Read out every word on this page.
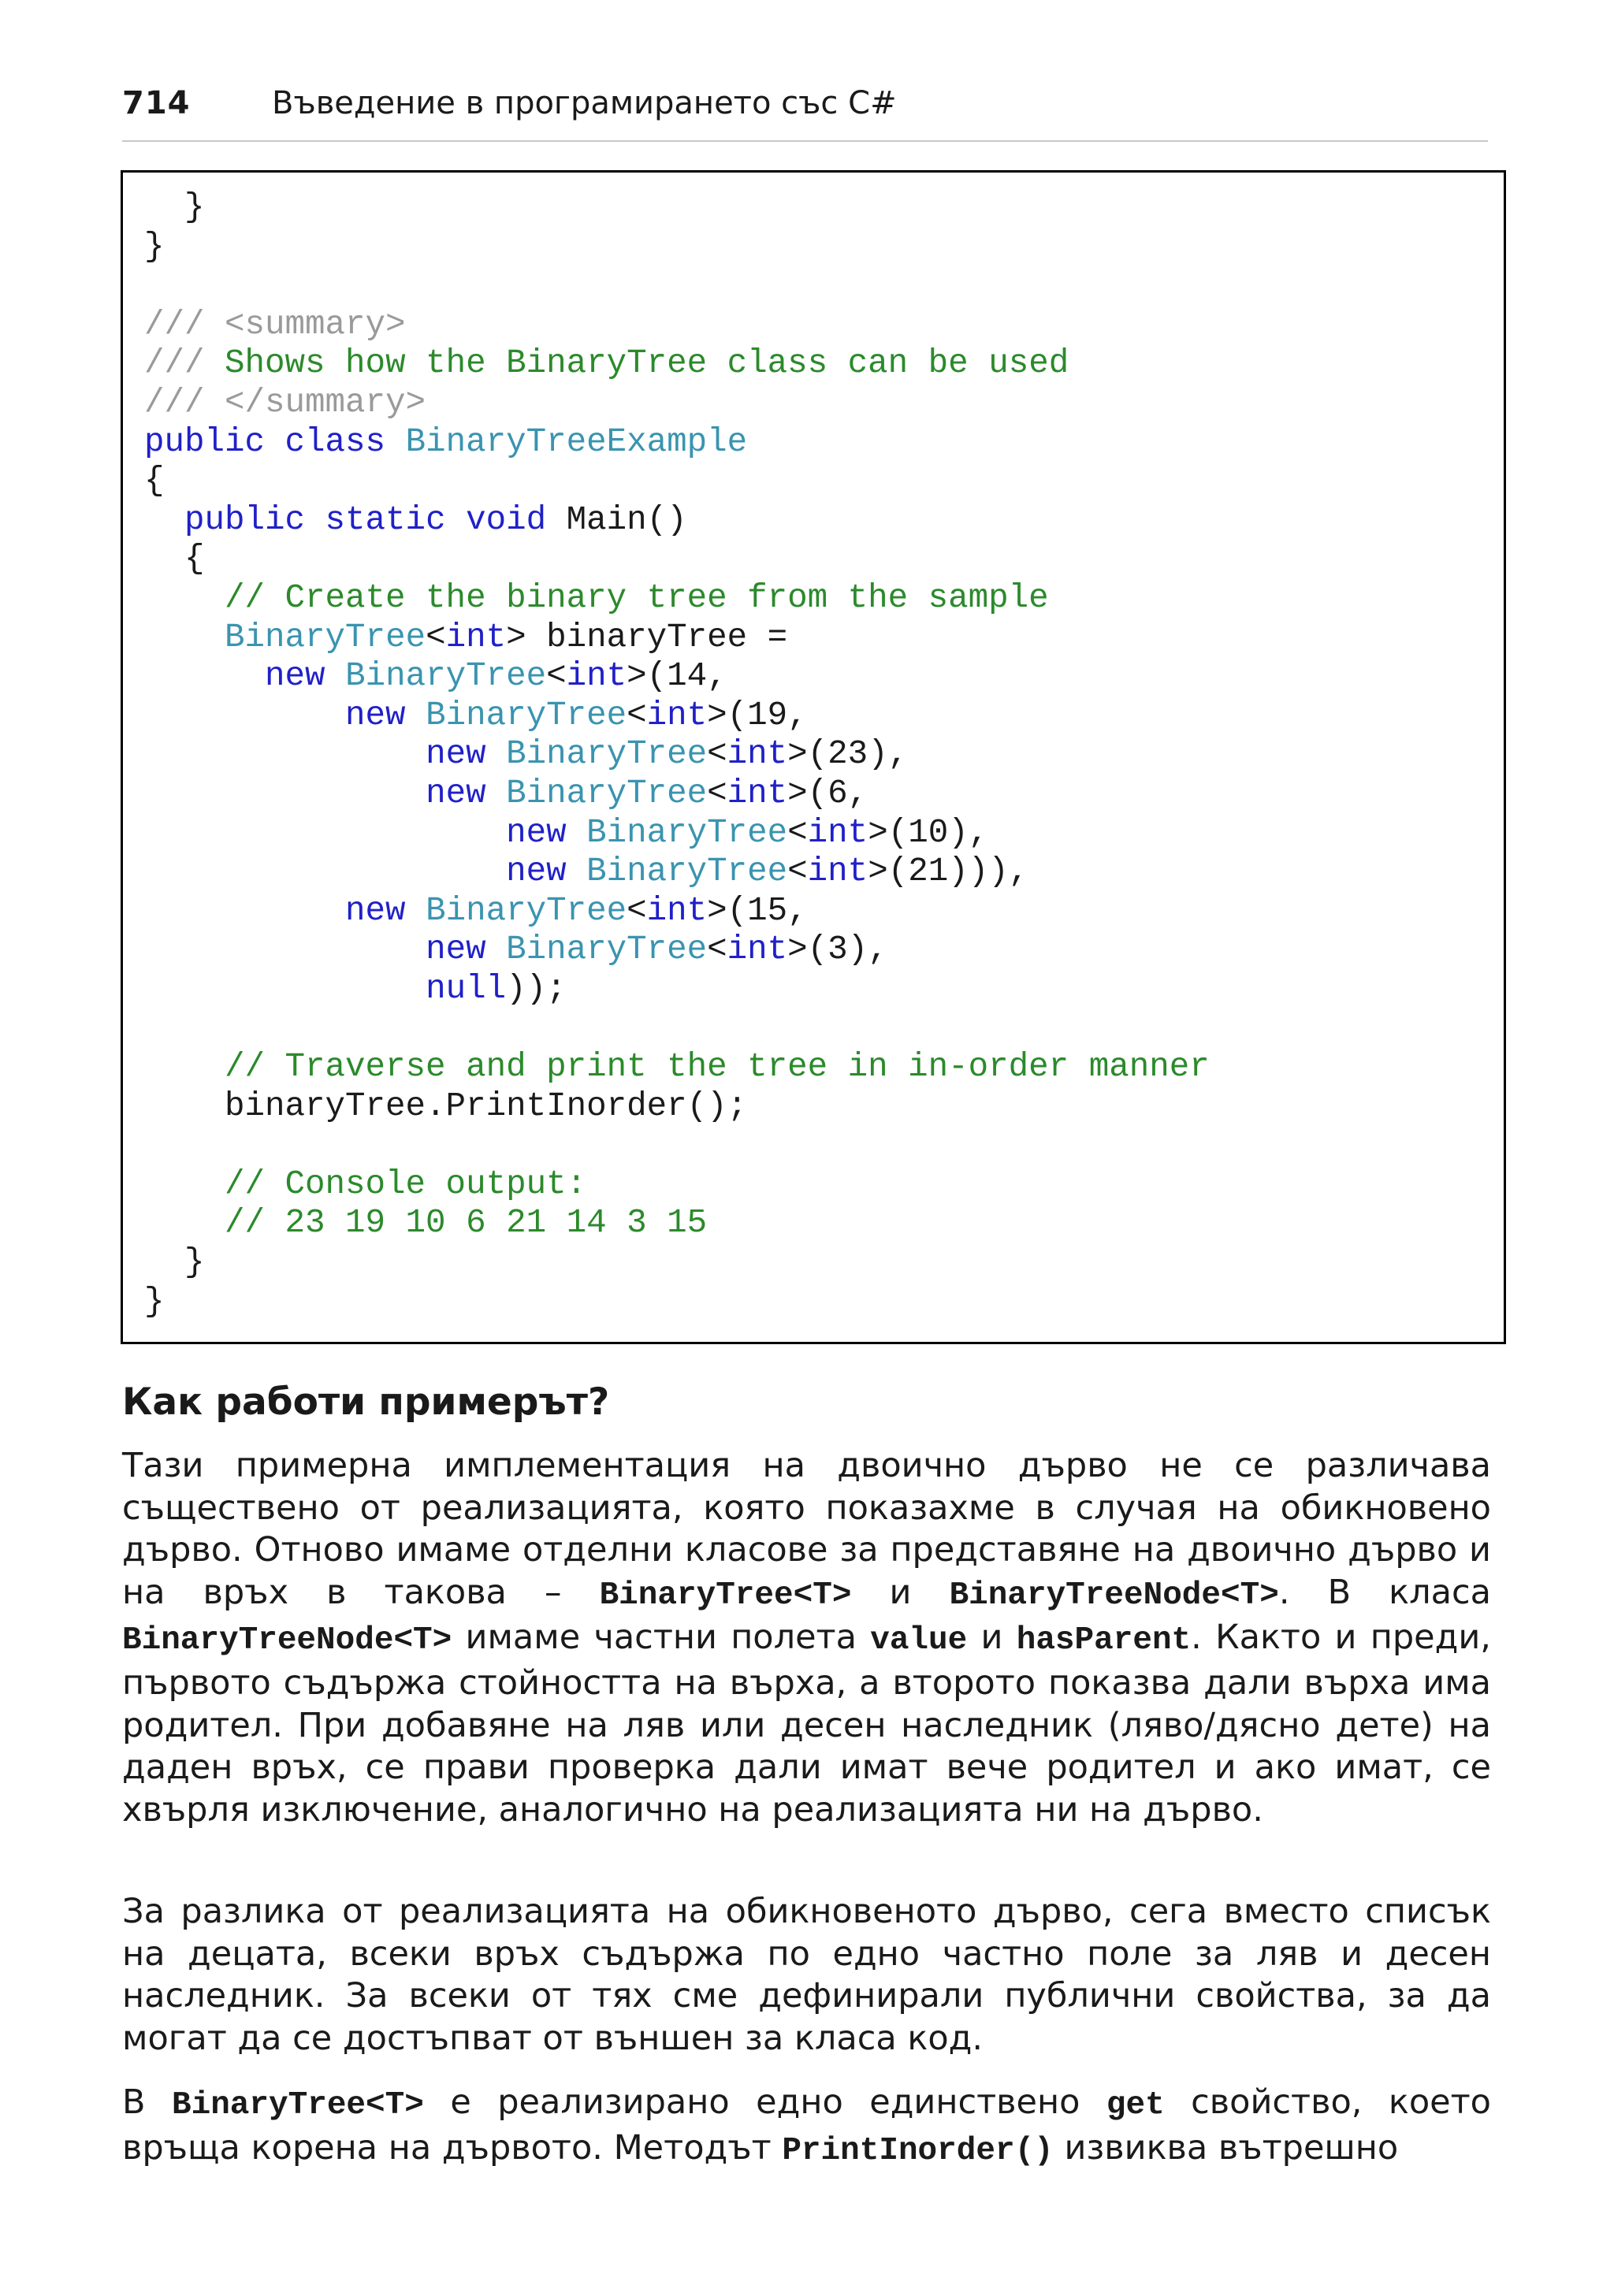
714	Въведение в програмирането със C#
}
}
/// <summary>
/// Shows how the BinaryTree class can be used
/// </summary>
public class BinaryTreeExample
{
public static void Main()
{
// Create the binary tree from the sample
BinaryTree<int> binaryTree =
new BinaryTree<int>(14,
new BinaryTree<int>(19,
new BinaryTree<int>(23),
new BinaryTree<int>(6,
new BinaryTree<int>(10),
new BinaryTree<int>(21))),
new BinaryTree<int>(15,
new BinaryTree<int>(3),
null));
// Traverse and print the tree in in-order manner
binaryTree.PrintInorder();
// Console output:
// 23 19 10 6 21 14 3 15
}
}
Как работи примерът?

Тази примерна имплементация на двоично дърво не се различава съществено от реализацията, която показахме в случая на обикновено дърво. Отново имаме отделни класове за представяне на двоично дърво и на връх в такова – BinaryTree<T> и BinaryTreeNode<T>. В класа BinaryTreeNode<T> имаме частни полета value и hasParent. Както и преди, първото съдържа стойността на върха, а второто показва дали върха има родител. При добавяне на ляв или десен наследник (ляво/дясно дете) на даден връх, се прави проверка дали имат вече родител и ако имат, се хвърля изключение, аналогично на реализацията ни на дърво.

За разлика от реализацията на обикновеното дърво, сега вместо списък на децата, всеки връх съдържа по едно частно поле за ляв и десен наследник. За всеки от тях сме дефинирали публични свойства, за да могат да се достъпват от външен за класа код.

В BinaryTree<T> е реализирано едно единствено get свойство, което връща корена на дървото. Методът PrintInorder() извиква вътрешно
